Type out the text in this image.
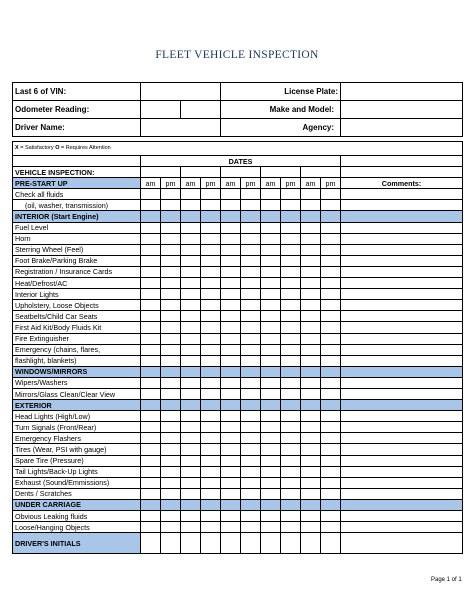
FLEET VEHICLE INSPECTION
Last 6 of VIN:					License Plate:						
Odometer Reading:					Make and Model:						
Driver Name:					Agency:						

X = Satisfactory O = Requires Attention											
	DATES										
VEHICLE INSPECTION:											
PRE-START UP	am	pm	am	pm	am	pm	am	pm	am	pm	Comments:
Check all fluids											
(oil, washer, transmission)											
INTERIOR (Start Engine)											
Fuel Level											
Horn											
Sterring Wheel (Feel)											
Foot Brake/Parking Brake											
Registration / Insurance Cards											
Heat/Defrost/AC											
Interior Lights											
Upholstery, Loose Objects											
Seatbelts/Child Car Seats											
First Aid Kit/Body Fluids Kit											
Fire Extinguisher											
Emergency (chains, flares,											
flashlight, blankets)											
WINDOWS/MIRRORS											
Wipers/Washers											
Mirrors/Glass Clean/Clear View											
EXTERIOR											
Head Lights (High/Low)											
Turn Signals (Front/Rear)											
Emergency Flashers											
Tires (Wear, PSI with gauge)											
Spare Tire (Pressure)											
Tail Lights/Back-Up Lights											
Exhaust (Sound/Emmissions)											
Dents / Scratches											
UNDER CARRIAGE											
Obvious Leaking fluids											
Loose/Hanging Objects											
DRIVER'S INITIALS											
Page 1 of 1
